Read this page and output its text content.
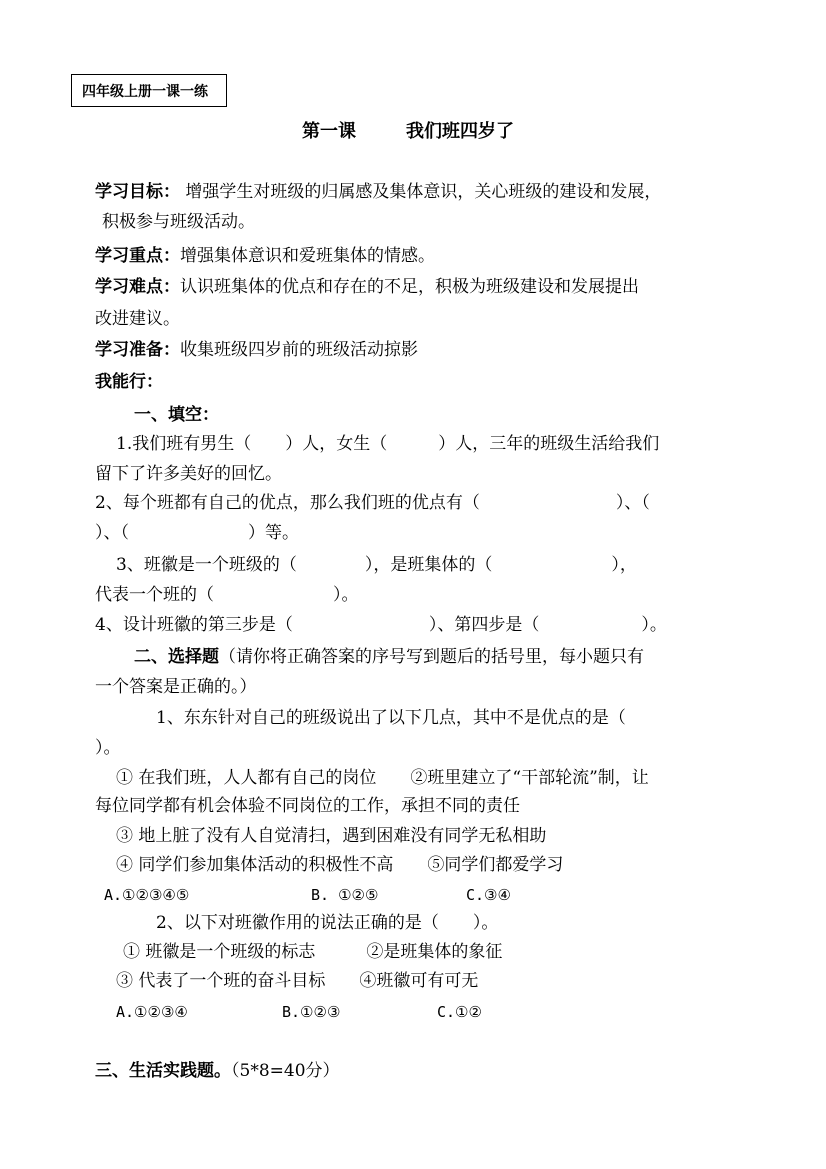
四年级上册一课一练
第一课	我们班四岁了
学习目标： 增强学生对班级的归属感及集体意识，关心班级的建设和发展，
积极参与班级活动。
学习重点：增强集体意识和爱班集体的情感。
学习难点：认识班集体的优点和存在的不足，积极为班级建设和发展提出
改进建议。
学习准备：收集班级四岁前的班级活动掠影
我能行：
一、填空：
1.我们班有男生（　　）人，女生（　　　）人，三年的班级生活给我们
留下了许多美好的回忆。
2、每个班都有自己的优点，那么我们班的优点有（　　　　　　　　）、（
）、（　　　　　　　）等。
3、班徽是一个班级的（　　　　），是班集体的（　　　　　　　），
代表一个班的（　　　　　　　）。
4、设计班徽的第三步是（　　　　　　　　）、第四步是（　　　　　　）。
二、选择题（请你将正确答案的序号写到题后的括号里，每小题只有
一个答案是正确的。）
1、东东针对自己的班级说出了以下几点，其中不是优点的是（
）。
① 在我们班，人人都有自己的岗位　　②班里建立了“干部轮流”制，让
每位同学都有机会体验不同岗位的工作，承担不同的责任
③ 地上脏了没有人自觉清扫，遇到困难没有同学无私相助
④ 同学们参加集体活动的积极性不高　　⑤同学们都爱学习
A.①②③④⑤	B. ①②⑤	C.③④
2、以下对班徽作用的说法正确的是（　　）。
① 班徽是一个班级的标志　　　②是班集体的象征
③ 代表了一个班的奋斗目标　　④班徽可有可无
A.①②③④	B.①②③	C.①②
三、生活实践题。（5*8=40分）
